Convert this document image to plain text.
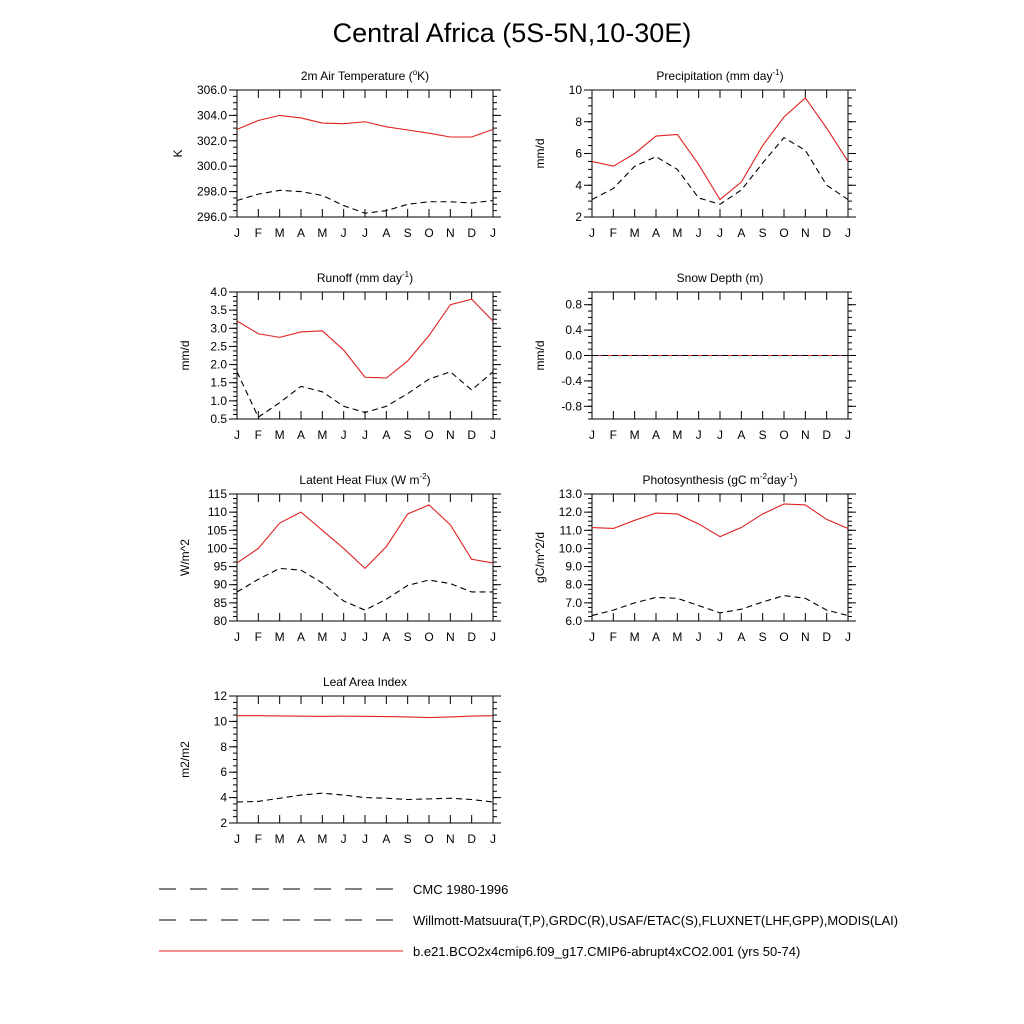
Central Africa (5S-5N,10-30E)
2m Air Temperature ($^o$K)
J F M A M J J A S O N D J
296.0
298.0
300.0
302.0
304.0
306.0
K
Precipitation (mm day$^{-1}$)
J F M A M J J A S O N D J
2
4
6
8
10
mm/d
Runoff (mm day$^{-1}$)
J F M A M J J A S O N D J
0.5
1.0
1.5
2.0
2.5
3.0
3.5
4.0
mm/d
Snow Depth (m)
J F M A M J J A S O N D J
-0.8
-0.4
0.0
0.4
0.8
mm/d
Latent Heat Flux (W $m^{-2}$)
J F M A M J J A S O N D J
80
85
90
95
100
105
110
115
W/m^2
Photosynthesis (gC $m^{-2}day^{-1}$)
J F M A M J J A S O N D J
6.0
7.0
8.0
9.0
10.0
11.0
12.0
13.0
gC/m^2/d
Leaf Area Index
J F M A M J J A S O N D J
2
4
6
8
10
12
m2/m2
CMC 1980-1996
Willmott-Matsuura(T,P),GRDC(R),USAF/ETAC(S),FLUXNET(LHF,GPP),MODIS(LAI)
b.e21.BCO2x4cmip6.f09_g17.CMIP6-abrupt4xCO2.001 (yrs 50-74)
